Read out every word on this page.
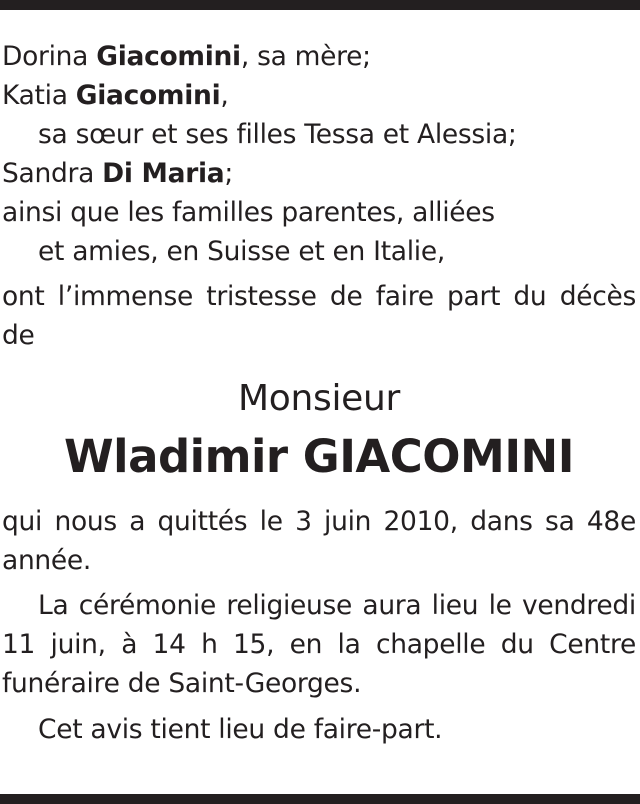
Dorina Giacomini, sa mère;
Katia Giacomini,
sa sœur et ses filles Tessa et Alessia;
Sandra Di Maria;
ainsi que les familles parentes, alliées
et amies, en Suisse et en Italie,
ont l’immense tristesse de faire part du décès de
Monsieur
Wladimir GIACOMINI
qui nous a quittés le 3 juin 2010, dans sa 48e année.
La cérémonie religieuse aura lieu le vendredi 11 juin, à 14 h 15, en la chapelle du Centre funéraire de Saint-Georges.
Cet avis tient lieu de faire-part.
